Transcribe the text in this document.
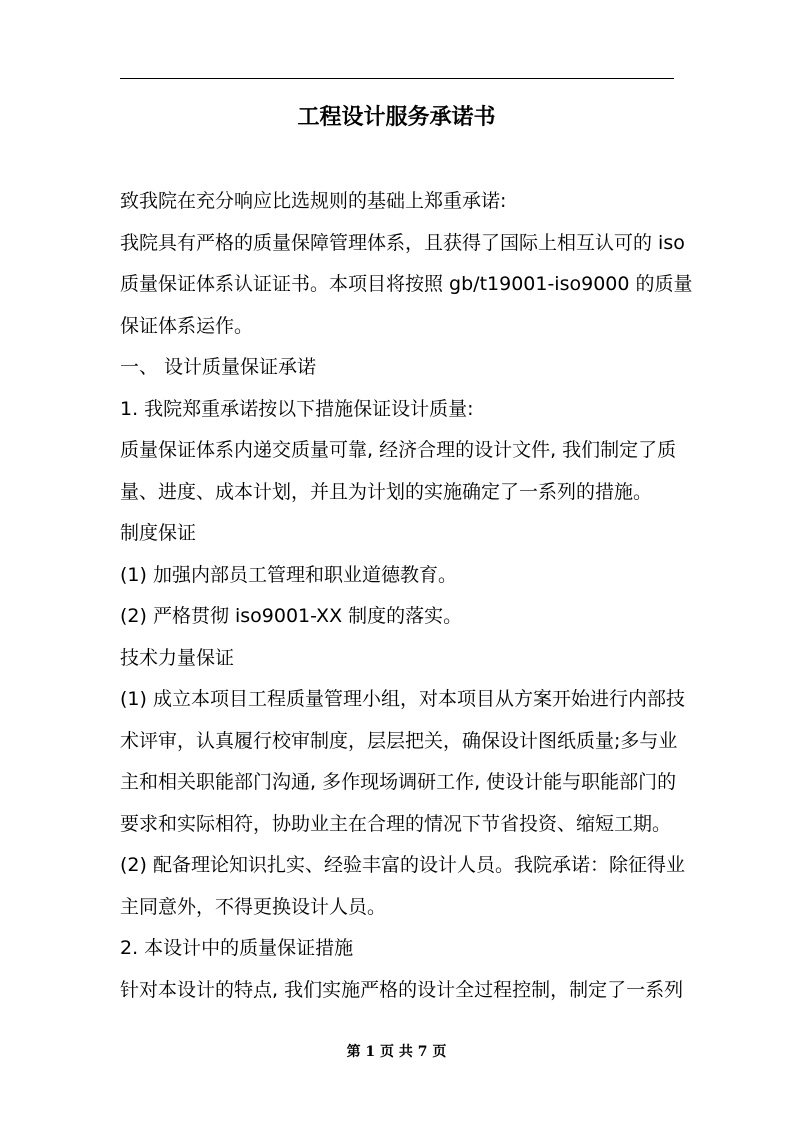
工程设计服务承诺书

致我院在充分响应比选规则的基础上郑重承诺:

我院具有严格的质量保障管理体系，且获得了国际上相互认可的 iso

质量保证体系认证证书。本项目将按照 gb/t19001-iso9000 的质量

保证体系运作。

一、 设计质量保证承诺

1. 我院郑重承诺按以下措施保证设计质量:

质量保证体系内递交质量可靠, 经济合理的设计文件, 我们制定了质

量、进度、成本计划，并且为计划的实施确定了一系列的措施。

制度保证

(1) 加强内部员工管理和职业道德教育。

(2) 严格贯彻 iso9001-XX 制度的落实。

技术力量保证

(1) 成立本项目工程质量管理小组，对本项目从方案开始进行内部技

术评审，认真履行校审制度，层层把关，确保设计图纸质量;多与业

主和相关职能部门沟通, 多作现场调研工作, 使设计能与职能部门的

要求和实际相符，协助业主在合理的情况下节省投资、缩短工期。

(2) 配备理论知识扎实、经验丰富的设计人员。我院承诺：除征得业

主同意外，不得更换设计人员。

2. 本设计中的质量保证措施

针对本设计的特点, 我们实施严格的设计全过程控制，制定了一系列

第 1 页 共 7 页
